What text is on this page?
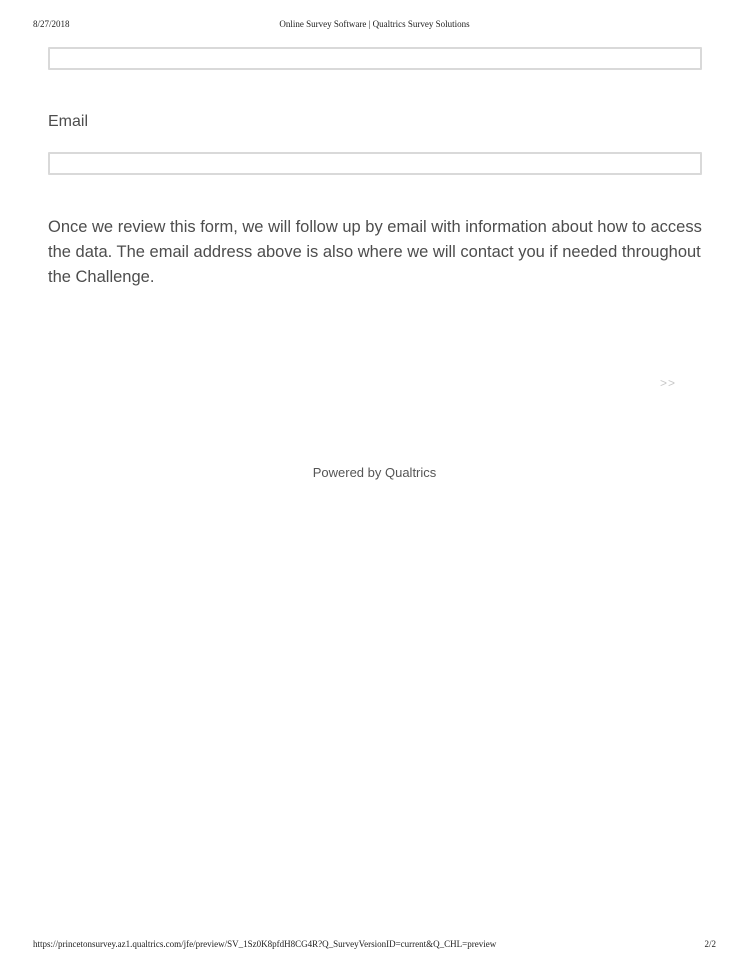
8/27/2018	Online Survey Software | Qualtrics Survey Solutions
Email
Once we review this form, we will follow up by email with information about how to access the data. The email address above is also where we will contact you if needed throughout the Challenge.
>>
Powered by Qualtrics
https://princetonsurvey.az1.qualtrics.com/jfe/preview/SV_1Sz0K8pfdH8CG4R?Q_SurveyVersionID=current&Q_CHL=preview	2/2
